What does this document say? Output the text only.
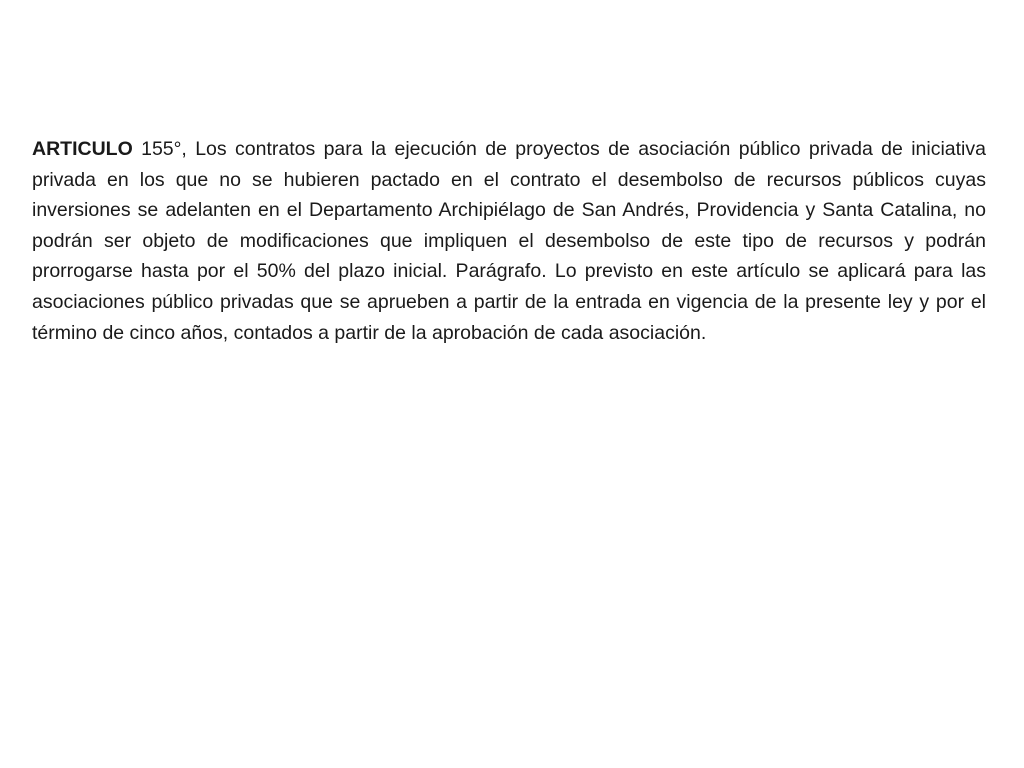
ARTICULO 155°, Los contratos para la ejecución de proyectos de asociación público privada de iniciativa privada en los que no se hubieren pactado en el contrato el desembolso de recursos públicos cuyas inversiones se adelanten en el Departamento Archipiélago de San Andrés, Providencia y Santa Catalina, no podrán ser objeto de modificaciones que impliquen el desembolso de este tipo de recursos y podrán prorrogarse hasta por el 50% del plazo inicial. Parágrafo. Lo previsto en este artículo se aplicará para las asociaciones público privadas que se aprueben a partir de la entrada en vigencia de la presente ley y por el término de cinco años, contados a partir de la aprobación de cada asociación.
